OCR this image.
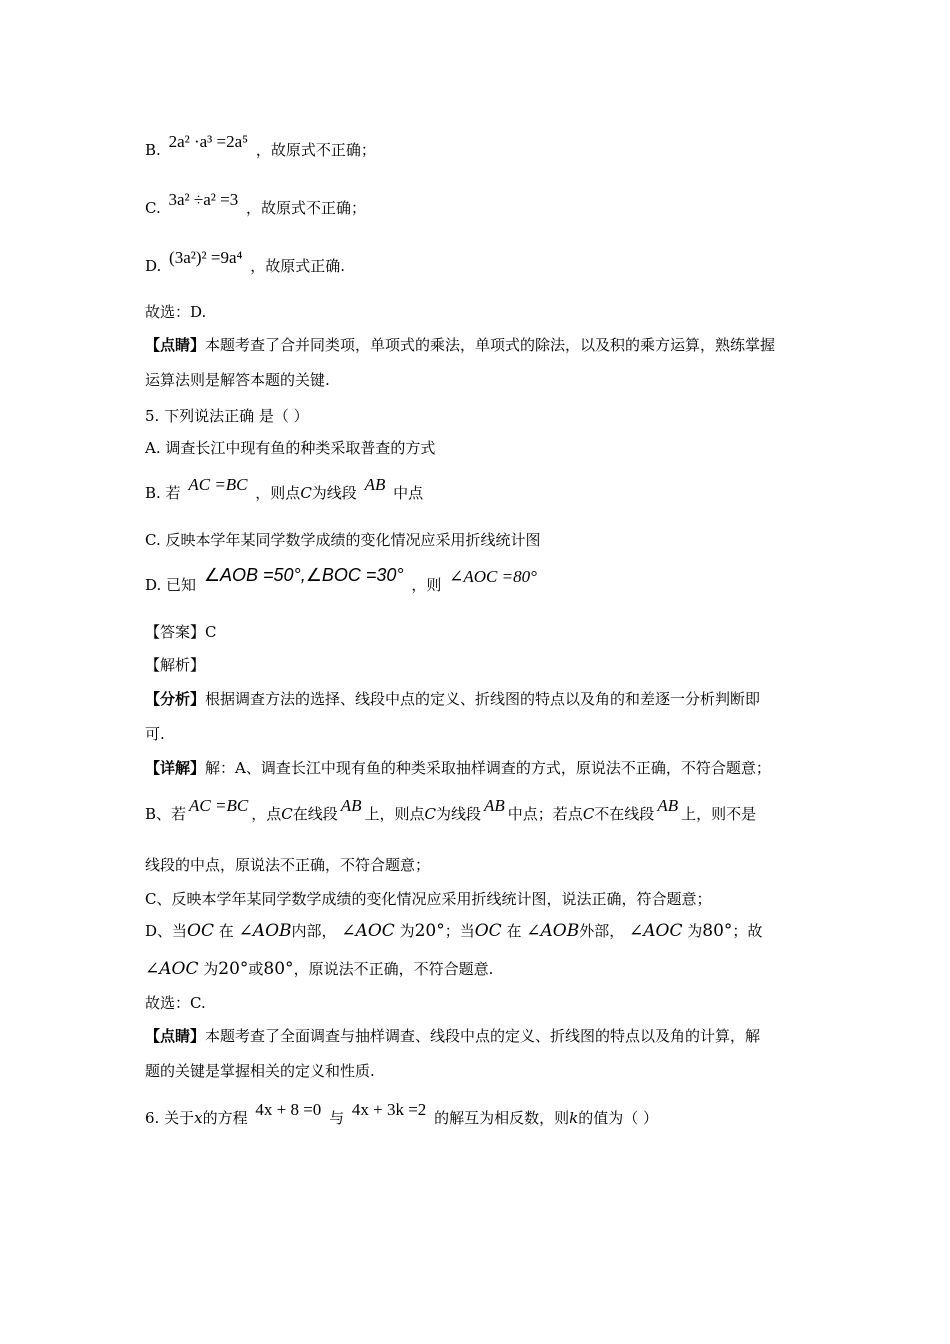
B. 2a² ·a³ =2a⁵ ，故原式不正确；
C. 3a² ÷a² =3 ，故原式不正确；
D. (3a²)² =9a⁴ ，故原式正确.
故选：D.
【点睛】本题考查了合并同类项，单项式的乘法，单项式的除法，以及积的乘方运算，熟练掌握
运算法则是解答本题的关键.
5. 下列说法正确 是（ ）
A. 调查长江中现有鱼的种类采取普查的方式
B. 若 AC =BC ，则点C为线段 AB 中点
C. 反映本学年某同学数学成绩的变化情况应采用折线统计图
D. 已知 ∠AOB =50°,∠BOC =30° ，则 ∠AOC =80°
【答案】C
【解析】
【分析】根据调查方法的选择、线段中点的定义、折线图的特点以及角的和差逐一分析判断即
可.
【详解】解：A、调查长江中现有鱼的种类采取抽样调查的方式，原说法不正确，不符合题意；
B、若 AC =BC ，点C在线段 AB 上，则点C为线段 AB 中点；若点C不在线段 AB 上，则不是
线段的中点，原说法不正确，不符合题意；
C、反映本学年某同学数学成绩的变化情况应采用折线统计图，说法正确，符合题意；
D、当OC 在 ∠AOB内部， ∠AOC 为20°；当OC 在 ∠AOB外部， ∠AOC 为80°；故
∠AOC 为20°或80°，原说法不正确，不符合题意.
故选：C.
【点睛】本题考查了全面调查与抽样调查、线段中点的定义、折线图的特点以及角的计算，解
题的关键是掌握相关的定义和性质.
6. 关于x的方程 4x + 8 =0 与 4x + 3k =2 的解互为相反数，则k的值为（ ）
